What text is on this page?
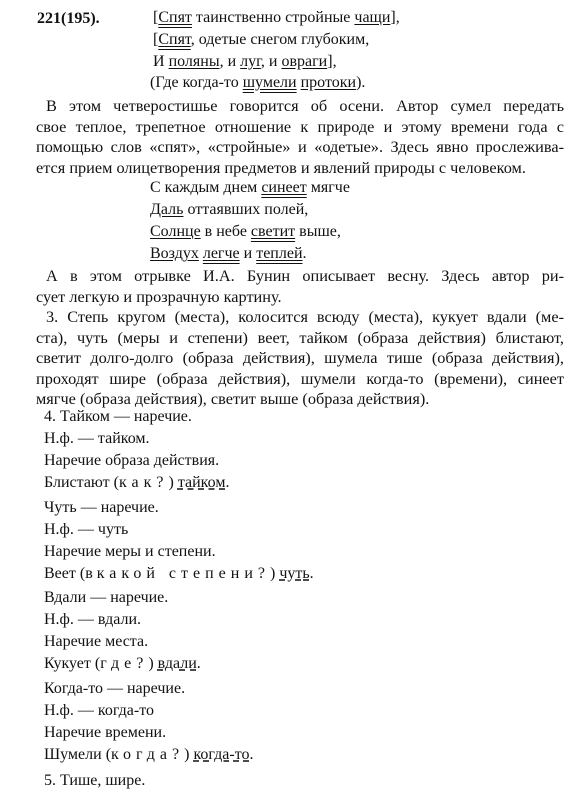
221(195).	[Спят таинственно стройные чащи],
[Спят, одетые снегом глубоким,
И поляны, и луг, и овраги],
(Где когда-то шумели протоки).
В этом четверостишье говорится об осени. Автор сумел передать
свое теплое, трепетное отношение к природе и этому времени года с
помощью слов «спят», «стройные» и «одетые». Здесь явно прослежива-
ется прием олицетворения предметов и явлений природы с человеком.
С каждым днем синеет мягче
Даль оттаявших полей,
Солнце в небе светит выше,
Воздух легче и теплей.
А в этом отрывке И.А. Бунин описывает весну. Здесь автор ри-
сует легкую и прозрачную картину.
3. Степь кругом (места), колосится всюду (места), кукует вдали (ме-
ста), чуть (меры и степени) веет, тайком (образа действия) блистают,
светит долго-долго (образа действия), шумела тише (образа действия),
проходят шире (образа действия), шумели когда-то (времени), синеет
мягче (образа действия), светит выше (образа действия).
4. Тайком — наречие.
Н.ф. — тайком.
Наречие образа действия.
Блистают (как?) тайком.
Чуть — наречие.
Н.ф. — чуть
Наречие меры и степени.
Веет (в какой степени?) чуть.
Вдали — наречие.
Н.ф. — вдали.
Наречие места.
Кукует (где?) вдали.
Когда-то — наречие.
Н.ф. — когда-то
Наречие времени.
Шумели (когда?) когда-то.
5. Тише, шире.
